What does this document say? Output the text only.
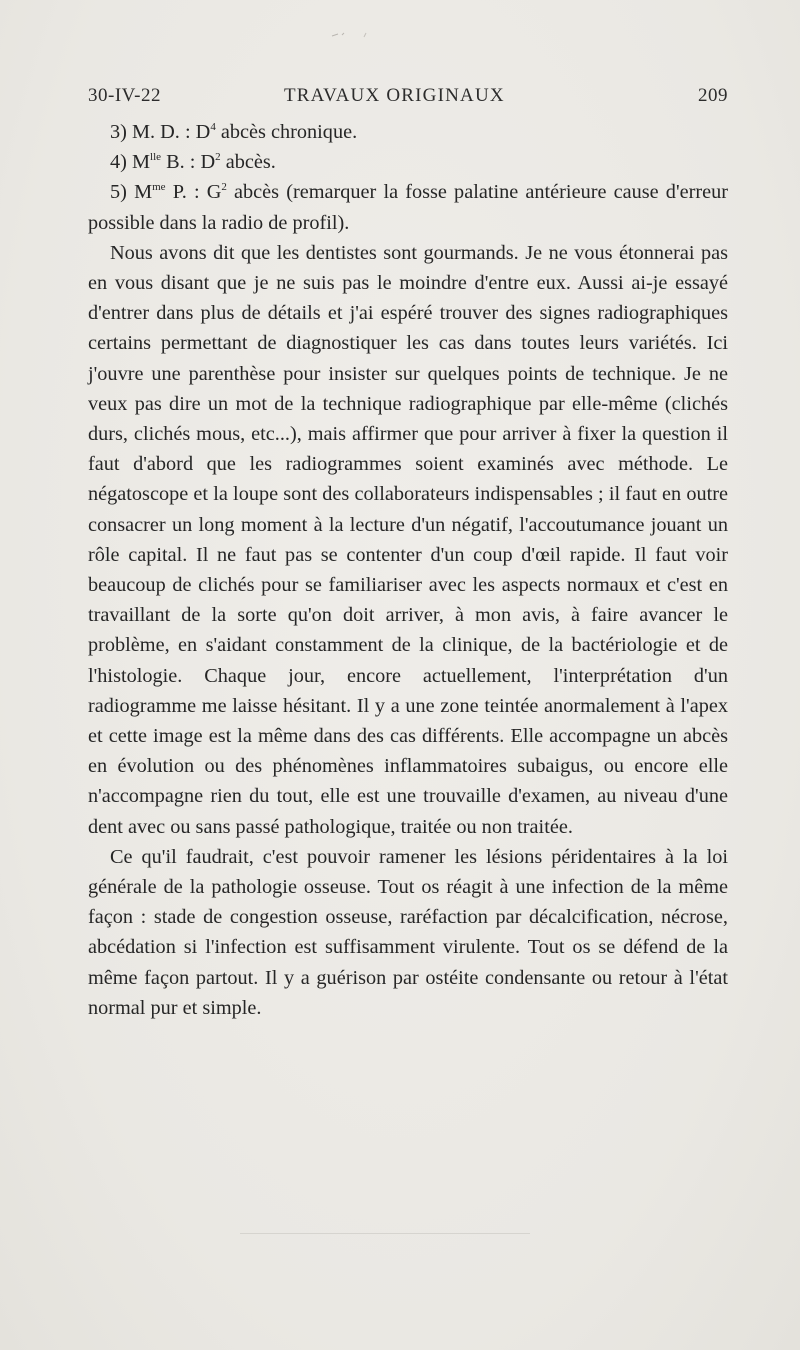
30-IV-22	TRAVAUX ORIGINAUX	209

3) M. D. : $D^4$ abcès chronique.

4) $M^{lle}$ B. : $D^2$ abcès.

5) $M^{me}$ P. : $G^2$ abcès (remarquer la fosse palatine antérieure cause d'erreur possible dans la radio de profil).

Nous avons dit que les dentistes sont gourmands. Je ne vous étonnerai pas en vous disant que je ne suis pas le moindre d'entre eux. Aussi ai-je essayé d'entrer dans plus de détails et j'ai espéré trouver des signes radiographiques certains permettant de diagnostiquer les cas dans toutes leurs variétés. Ici j'ouvre une parenthèse pour insister sur quelques points de technique. Je ne veux pas dire un mot de la technique radiographique par elle-même (clichés durs, clichés mous, etc...), mais affirmer que pour arriver à fixer la question il faut d'abord que les radiogrammes soient examinés avec méthode. Le négatoscope et la loupe sont des collaborateurs indispensables ; il faut en outre consacrer un long moment à la lecture d'un négatif, l'accoutumance jouant un rôle capital. Il ne faut pas se contenter d'un coup d'œil rapide. Il faut voir beaucoup de clichés pour se familiariser avec les aspects normaux et c'est en travaillant de la sorte qu'on doit arriver, à mon avis, à faire avancer le problème, en s'aidant constamment de la clinique, de la bactériologie et de l'histologie. Chaque jour, encore actuellement, l'interprétation d'un radiogramme me laisse hésitant. Il y a une zone teintée anormalement à l'apex et cette image est la même dans des cas différents. Elle accompagne un abcès en évolution ou des phénomènes inflammatoires subaigus, ou encore elle n'accompagne rien du tout, elle est une trouvaille d'examen, au niveau d'une dent avec ou sans passé pathologique, traitée ou non traitée.

Ce qu'il faudrait, c'est pouvoir ramener les lésions péridentaires à la loi générale de la pathologie osseuse. Tout os réagit à une infection de la même façon : stade de congestion osseuse, raréfaction par décalcification, nécrose, abcédation si l'infection est suffisamment virulente. Tout os se défend de la même façon partout. Il y a guérison par ostéite condensante ou retour à l'état normal pur et simple.
